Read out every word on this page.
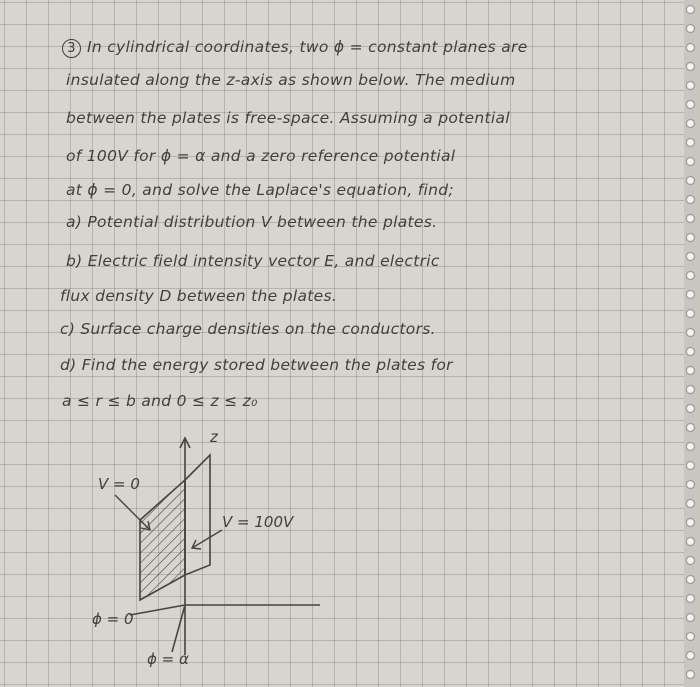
3 In cylindrical coordinates, two ϕ = constant planes are
insulated along the z-axis as shown below. The medium
between the plates is free-space. Assuming a potential
of 100V for ϕ = α and a zero reference potential
at ϕ = 0, and solve the Laplace's equation, find;
a) Potential distribution V between the plates.
b) Electric field intensity vector E, and electric
flux density D between the plates.
c) Surface charge densities on the conductors.
d) Find the energy stored between the plates for
a ≤ r ≤ b and 0 ≤ z ≤ z₀
z
V = 0
V = 100V
ϕ = 0
ϕ = α
